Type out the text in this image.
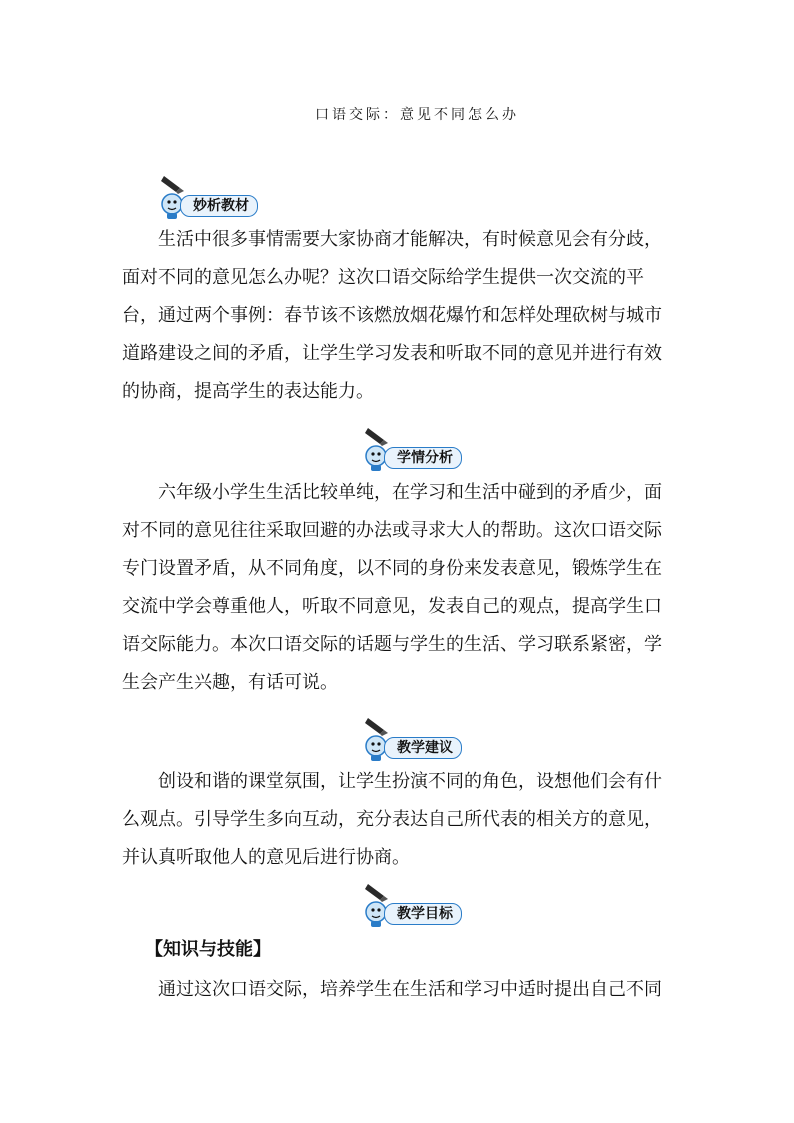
口语交际：意见不同怎么办
妙析教材
生活中很多事情需要大家协商才能解决，有时候意见会有分歧，
面对不同的意见怎么办呢？这次口语交际给学生提供一次交流的平
台，通过两个事例：春节该不该燃放烟花爆竹和怎样处理砍树与城市
道路建设之间的矛盾，让学生学习发表和听取不同的意见并进行有效
的协商，提高学生的表达能力。
学情分析
六年级小学生生活比较单纯，在学习和生活中碰到的矛盾少，面
对不同的意见往往采取回避的办法或寻求大人的帮助。这次口语交际
专门设置矛盾，从不同角度，以不同的身份来发表意见，锻炼学生在
交流中学会尊重他人，听取不同意见，发表自己的观点，提高学生口
语交际能力。本次口语交际的话题与学生的生活、学习联系紧密，学
生会产生兴趣，有话可说。
教学建议
创设和谐的课堂氛围，让学生扮演不同的角色，设想他们会有什
么观点。引导学生多向互动，充分表达自己所代表的相关方的意见，
并认真听取他人的意见后进行协商。
教学目标
【知识与技能】
通过这次口语交际，培养学生在生活和学习中适时提出自己不同
